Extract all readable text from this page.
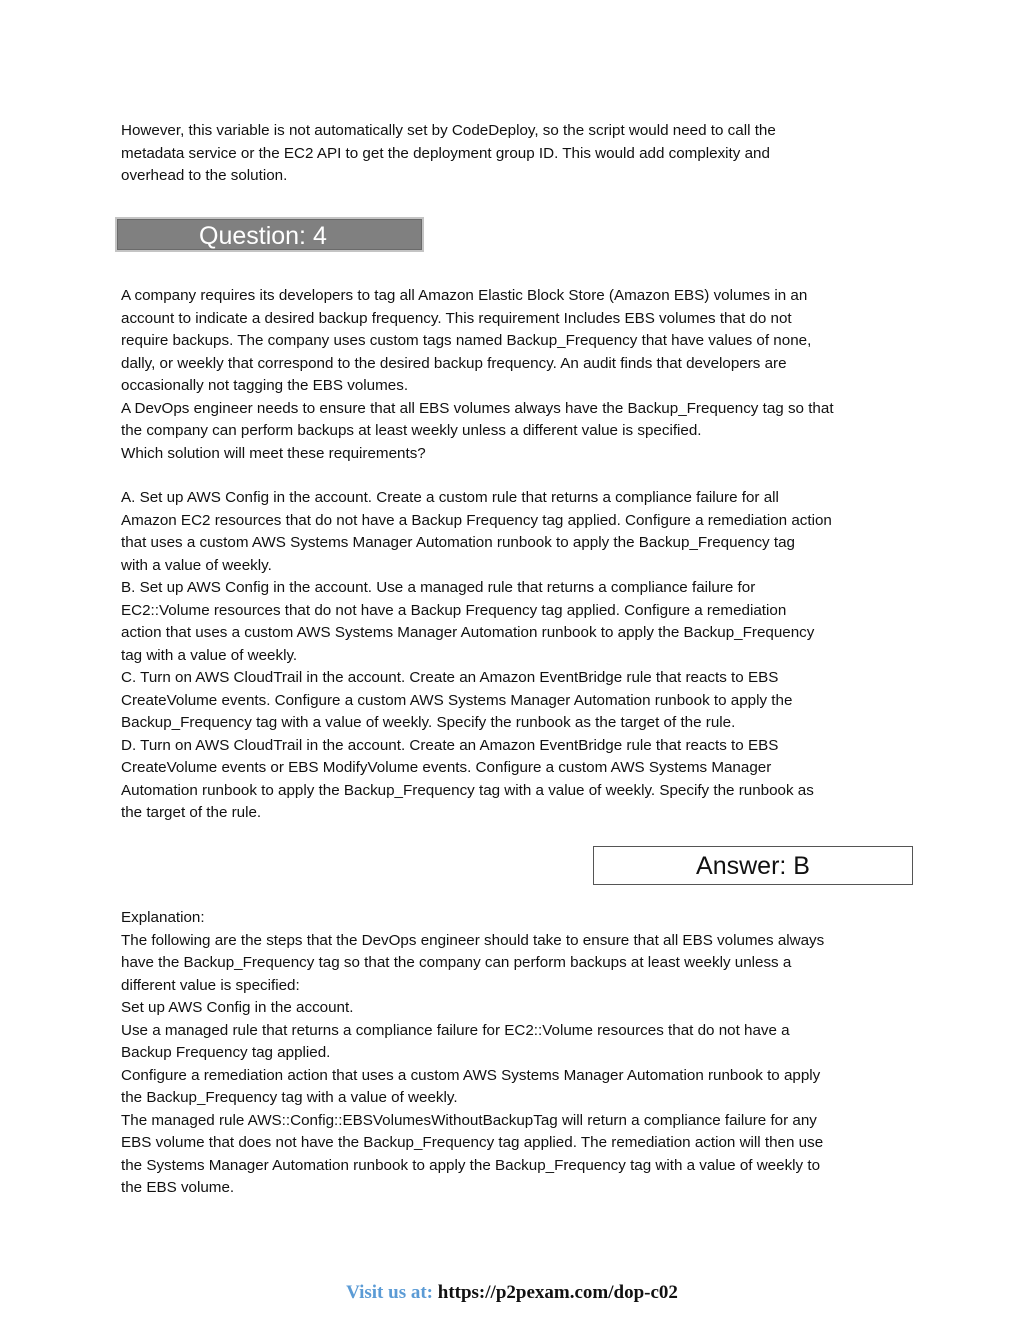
However, this variable is not automatically set by CodeDeploy, so the script would need to call the

metadata service or the EC2 API to get the deployment group ID. This would add complexity and

overhead to the solution.

Question: 4

A company requires its developers to tag all Amazon Elastic Block Store (Amazon EBS) volumes in an

account to indicate a desired backup frequency. This requirement Includes EBS volumes that do not

require backups. The company uses custom tags named Backup_Frequency that have values of none,

dally, or weekly that correspond to the desired backup frequency. An audit finds that developers are

occasionally not tagging the EBS volumes.

A DevOps engineer needs to ensure that all EBS volumes always have the Backup_Frequency tag so that

the company can perform backups at least weekly unless a different value is specified.

Which solution will meet these requirements?

A. Set up AWS Config in the account. Create a custom rule that returns a compliance failure for all

Amazon EC2 resources that do not have a Backup Frequency tag applied. Configure a remediation action

that uses a custom AWS Systems Manager Automation runbook to apply the Backup_Frequency tag

with a value of weekly.

B. Set up AWS Config in the account. Use a managed rule that returns a compliance failure for

EC2::Volume resources that do not have a Backup Frequency tag applied. Configure a remediation

action that uses a custom AWS Systems Manager Automation runbook to apply the Backup_Frequency

tag with a value of weekly.

C. Turn on AWS CloudTrail in the account. Create an Amazon EventBridge rule that reacts to EBS

CreateVolume events. Configure a custom AWS Systems Manager Automation runbook to apply the

Backup_Frequency tag with a value of weekly. Specify the runbook as the target of the rule.

D. Turn on AWS CloudTrail in the account. Create an Amazon EventBridge rule that reacts to EBS

CreateVolume events or EBS ModifyVolume events. Configure a custom AWS Systems Manager

Automation runbook to apply the Backup_Frequency tag with a value of weekly. Specify the runbook as

the target of the rule.

Answer: B

Explanation:

The following are the steps that the DevOps engineer should take to ensure that all EBS volumes always

have the Backup_Frequency tag so that the company can perform backups at least weekly unless a

different value is specified:

Set up AWS Config in the account.

Use a managed rule that returns a compliance failure for EC2::Volume resources that do not have a

Backup Frequency tag applied.

Configure a remediation action that uses a custom AWS Systems Manager Automation runbook to apply

the Backup_Frequency tag with a value of weekly.

The managed rule AWS::Config::EBSVolumesWithoutBackupTag will return a compliance failure for any

EBS volume that does not have the Backup_Frequency tag applied. The remediation action will then use

the Systems Manager Automation runbook to apply the Backup_Frequency tag with a value of weekly to

the EBS volume.

Visit us at: https://p2pexam.com/dop-c02
